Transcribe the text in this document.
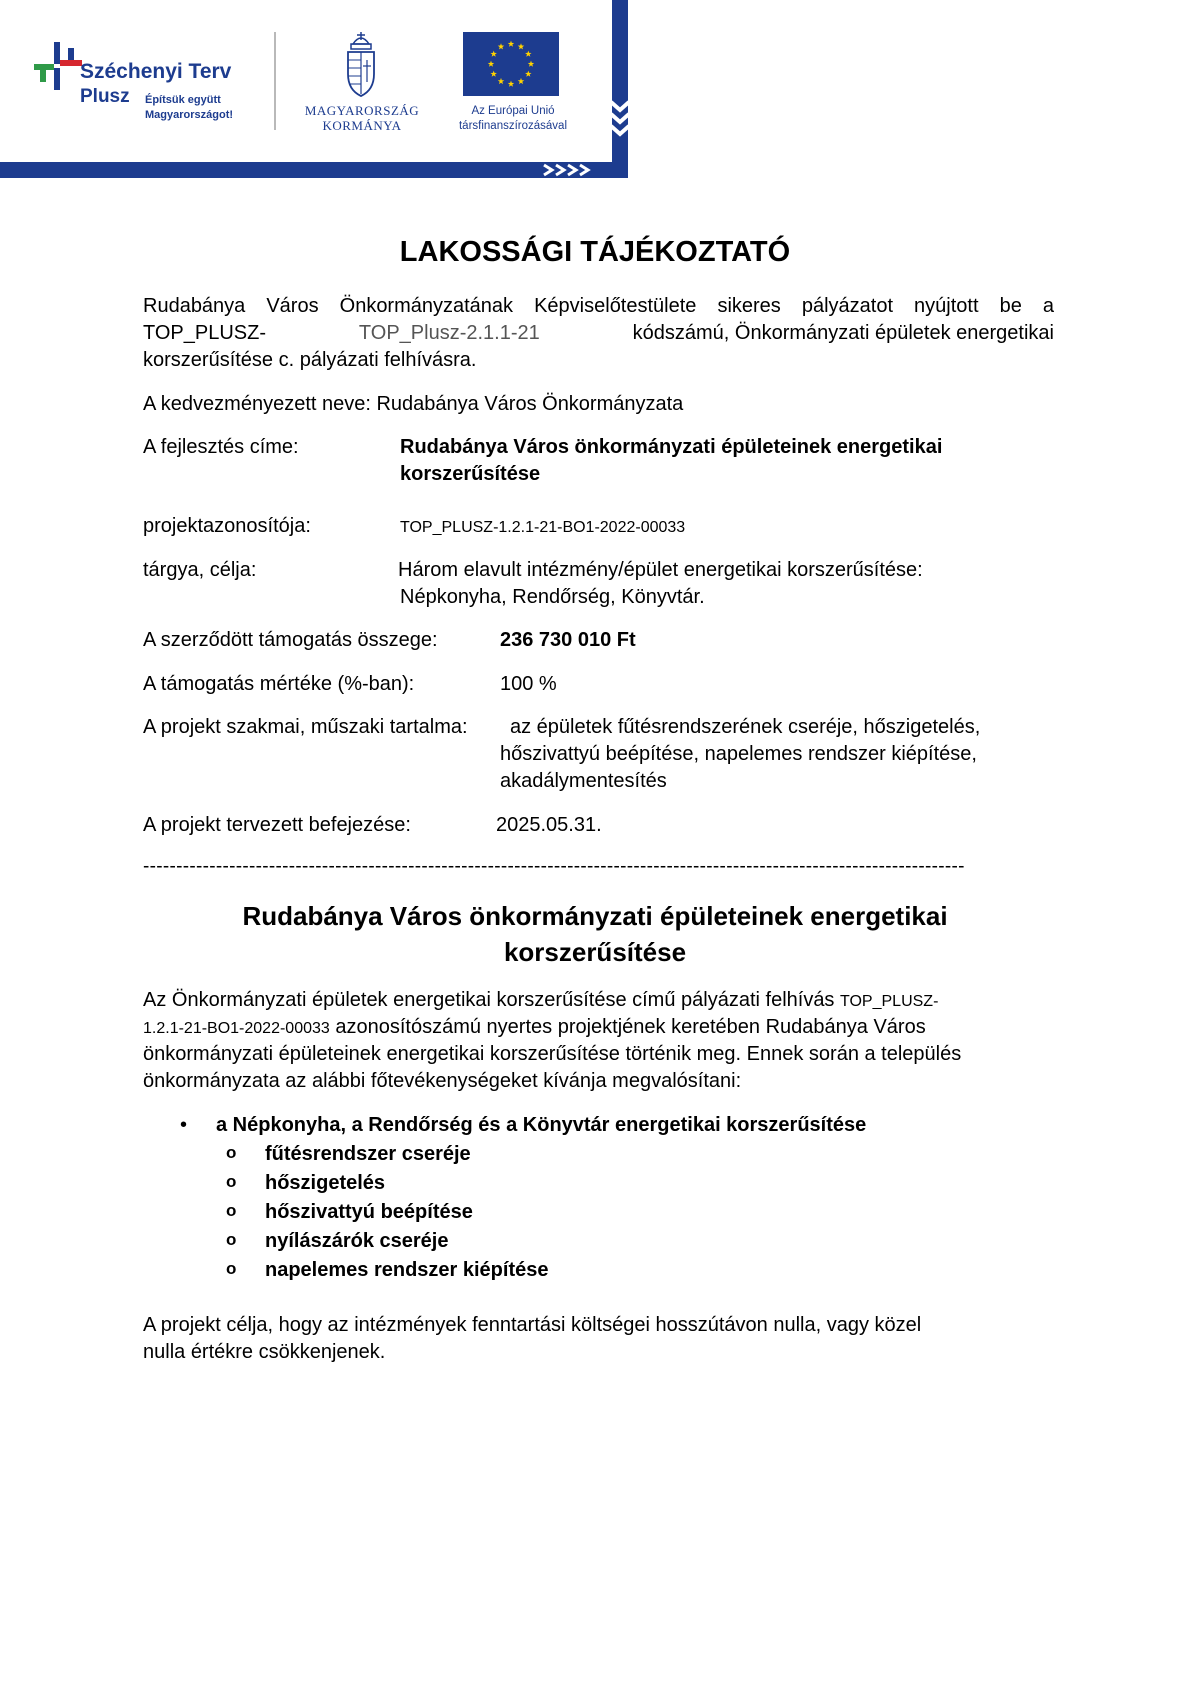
Széchenyi Terv
Plusz Építsük együtt
Magyarországot!	MAGYARORSZÁG
KORMÁNYA
Az Európai Unió
társfinanszírozásával
LAKOSSÁGI TÁJÉKOZTATÓ
Rudabánya Város Önkormányzatának Képviselőtestülete sikeres pályázatot nyújtott be a
TOP_PLUSZ-	TOP_Plusz-2.1.1-21	kódszámú, Önkormányzati épületek energetikai
korszerűsítése c. pályázati felhívásra.
A kedvezményezett neve: Rudabánya Város Önkormányzata
A fejlesztés címe:	Rudabánya Város önkormányzati épületeinek energetikai
korszerűsítése
projektazonosítója:	TOP_PLUSZ-1.2.1-21-BO1-2022-00033
tárgya, célja:	Három elavult intézmény/épület energetikai korszerűsítése:
Népkonyha, Rendőrség, Könyvtár.
A szerződött támogatás összege:	236 730 010 Ft
A támogatás mértéke (%-ban):	100 %
A projekt szakmai, műszaki tartalma: az épületek fűtésrendszerének cseréje, hőszigetelés,
hőszivattyú beépítése, napelemes rendszer kiépítése,
akadálymentesítés
A projekt tervezett befejezése:	2025.05.31.
----------------------------------------------------------------------------------------------------------------------------
Rudabánya Város önkormányzati épületeinek energetikai
korszerűsítése
Az Önkormányzati épületek energetikai korszerűsítése című pályázati felhívás TOP_PLUSZ-
1.2.1-21-BO1-2022-00033 azonosítószámú nyertes projektjének keretében Rudabánya Város
önkormányzati épületeinek energetikai korszerűsítése történik meg. Ennek során a település
önkormányzata az alábbi főtevékenységeket kívánja megvalósítani:
• a Népkonyha, a Rendőrség és a Könyvtár energetikai korszerűsítése
o fűtésrendszer cseréje
o hőszigetelés
o hőszivattyú beépítése
o nyílászárók cseréje
o napelemes rendszer kiépítése
A projekt célja, hogy az intézmények fenntartási költségei hosszútávon nulla, vagy közel
nulla értékre csökkenjenek.
